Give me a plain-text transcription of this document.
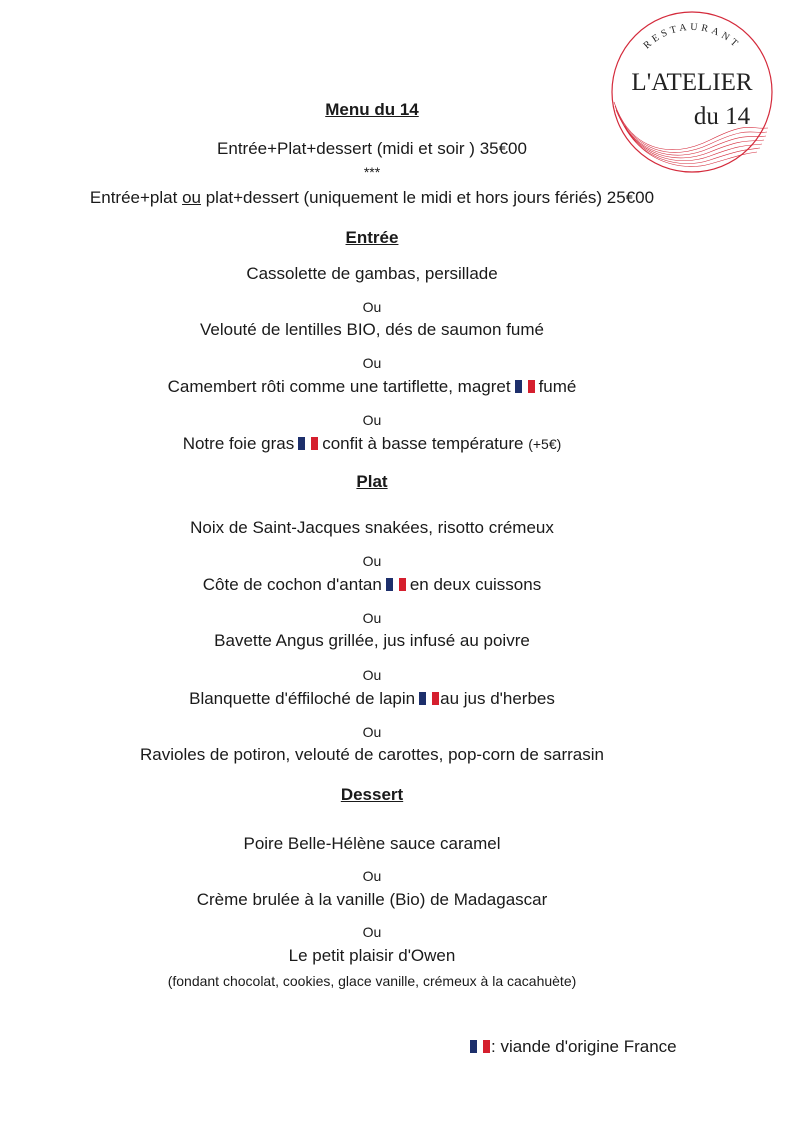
RESTAURANT
L'ATELIER
du 14
Menu du 14
Entrée+Plat+dessert (midi et soir ) 35€00
***
Entrée+plat ou plat+dessert (uniquement le midi et hors jours fériés) 25€00
Entrée
Cassolette de gambas, persillade
Ou
Velouté de lentilles BIO, dés de saumon fumé
Ou
Camembert rôti comme une tartiflette, magret fumé
Ou
Notre foie gras confit à basse température (+5€)
Plat
Noix de Saint-Jacques snakées, risotto crémeux
Ou
Côte de cochon d'antan en deux cuissons
Ou
Bavette Angus grillée, jus infusé au poivre
Ou
Blanquette d'éffiloché de lapin au jus d'herbes
Ou
Ravioles de potiron, velouté de carottes, pop-corn de sarrasin
Dessert
Poire Belle-Hélène sauce caramel
Ou
Crème brulée à la vanille (Bio) de Madagascar
Ou
Le petit plaisir d'Owen
(fondant chocolat, cookies, glace vanille, crémeux à la cacahuète)
: viande d'origine France
